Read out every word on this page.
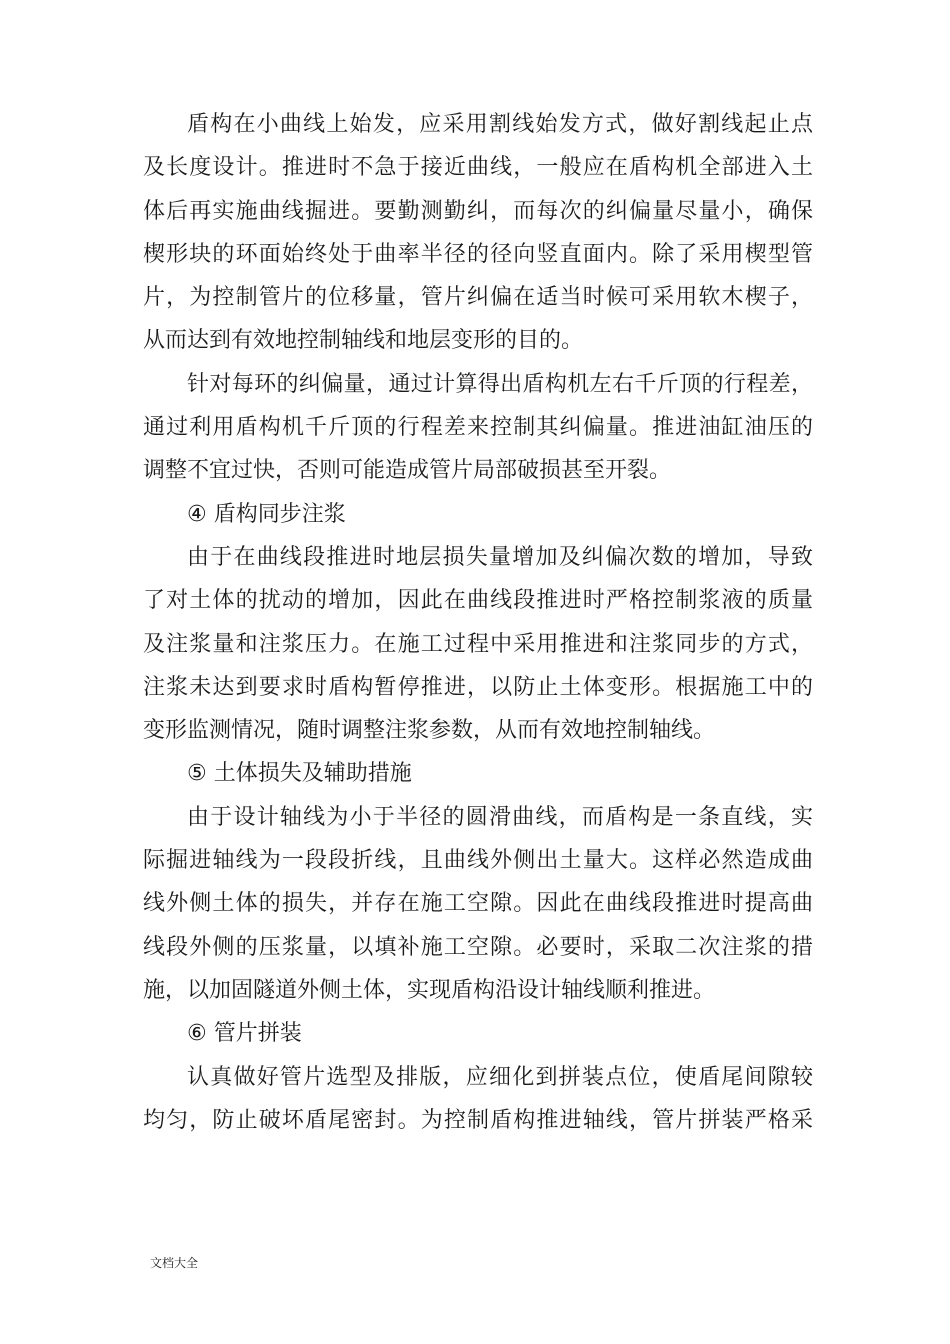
盾构在小曲线上始发，应采用割线始发方式，做好割线起止点
及长度设计。推进时不急于接近曲线，一般应在盾构机全部进入土
体后再实施曲线掘进。要勤测勤纠，而每次的纠偏量尽量小，确保
楔形块的环面始终处于曲率半径的径向竖直面内。除了采用楔型管
片，为控制管片的位移量，管片纠偏在适当时候可采用软木楔子，
从而达到有效地控制轴线和地层变形的目的。
针对每环的纠偏量，通过计算得出盾构机左右千斤顶的行程差，
通过利用盾构机千斤顶的行程差来控制其纠偏量。推进油缸油压的
调整不宜过快，否则可能造成管片局部破损甚至开裂。
④ 盾构同步注浆
由于在曲线段推进时地层损失量增加及纠偏次数的增加，导致
了对土体的扰动的增加，因此在曲线段推进时严格控制浆液的质量
及注浆量和注浆压力。在施工过程中采用推进和注浆同步的方式，
注浆未达到要求时盾构暂停推进，以防止土体变形。根据施工中的
变形监测情况，随时调整注浆参数，从而有效地控制轴线。
⑤ 土体损失及辅助措施
由于设计轴线为小于半径的圆滑曲线，而盾构是一条直线，实
际掘进轴线为一段段折线，且曲线外侧出土量大。这样必然造成曲
线外侧土体的损失，并存在施工空隙。因此在曲线段推进时提高曲
线段外侧的压浆量，以填补施工空隙。必要时，采取二次注浆的措
施，以加固隧道外侧土体，实现盾构沿设计轴线顺利推进。
⑥ 管片拼装
认真做好管片选型及排版，应细化到拼装点位，使盾尾间隙较
均匀，防止破坏盾尾密封。为控制盾构推进轴线，管片拼装严格采
文档大全
